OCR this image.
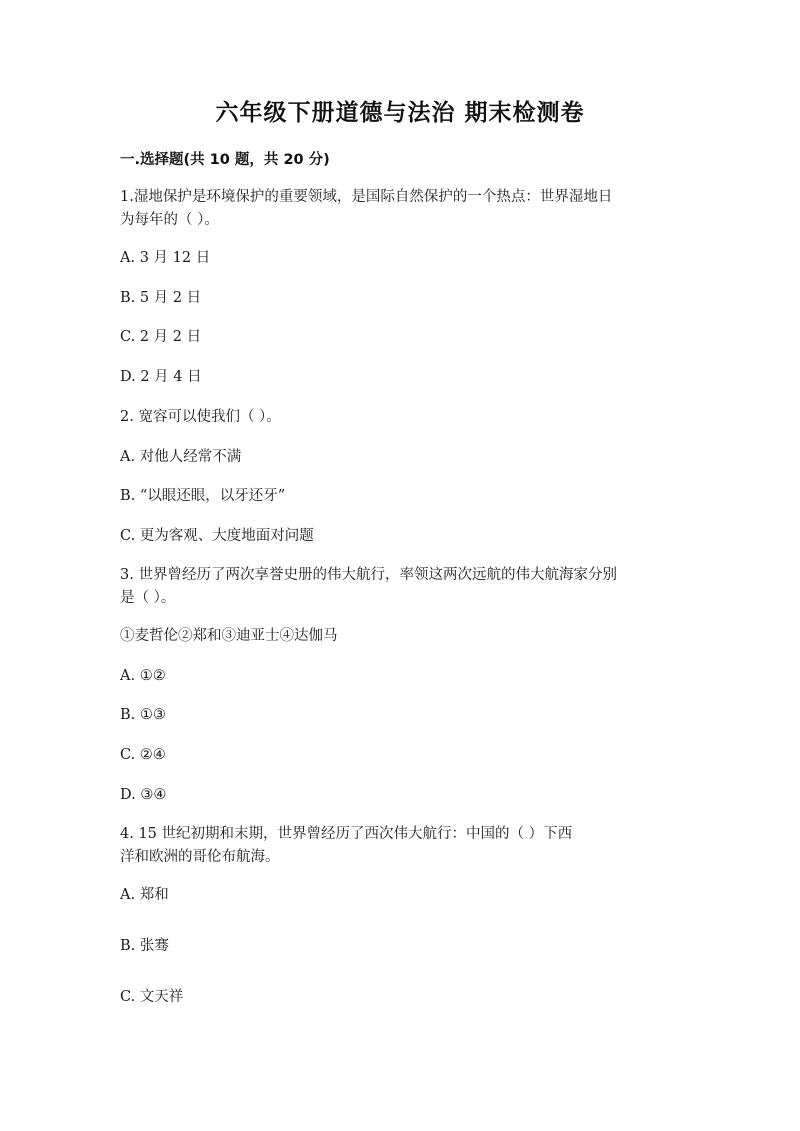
六年级下册道德与法治 期末检测卷
一.选择题(共 10 题，共 20 分)
1.湿地保护是环境保护的重要领域，是国际自然保护的一个热点：世界湿地日
为每年的（ ）。
A. 3 月 12 日
B. 5 月 2 日
C. 2 月 2 日
D. 2 月 4 日
2. 宽容可以使我们（ ）。
A. 对他人经常不满
B. “以眼还眼，以牙还牙”
C. 更为客观、大度地面对问题
3. 世界曾经历了两次享誉史册的伟大航行，率领这两次远航的伟大航海家分别
是（ ）。
①麦哲伦②郑和③迪亚士④达伽马
A. ①②
B. ①③
C. ②④
D. ③④
4. 15 世纪初期和末期，世界曾经历了西次伟大航行：中国的（ ）下西
洋和欧洲的哥伦布航海。
A. 郑和
B. 张骞
C. 文天祥
